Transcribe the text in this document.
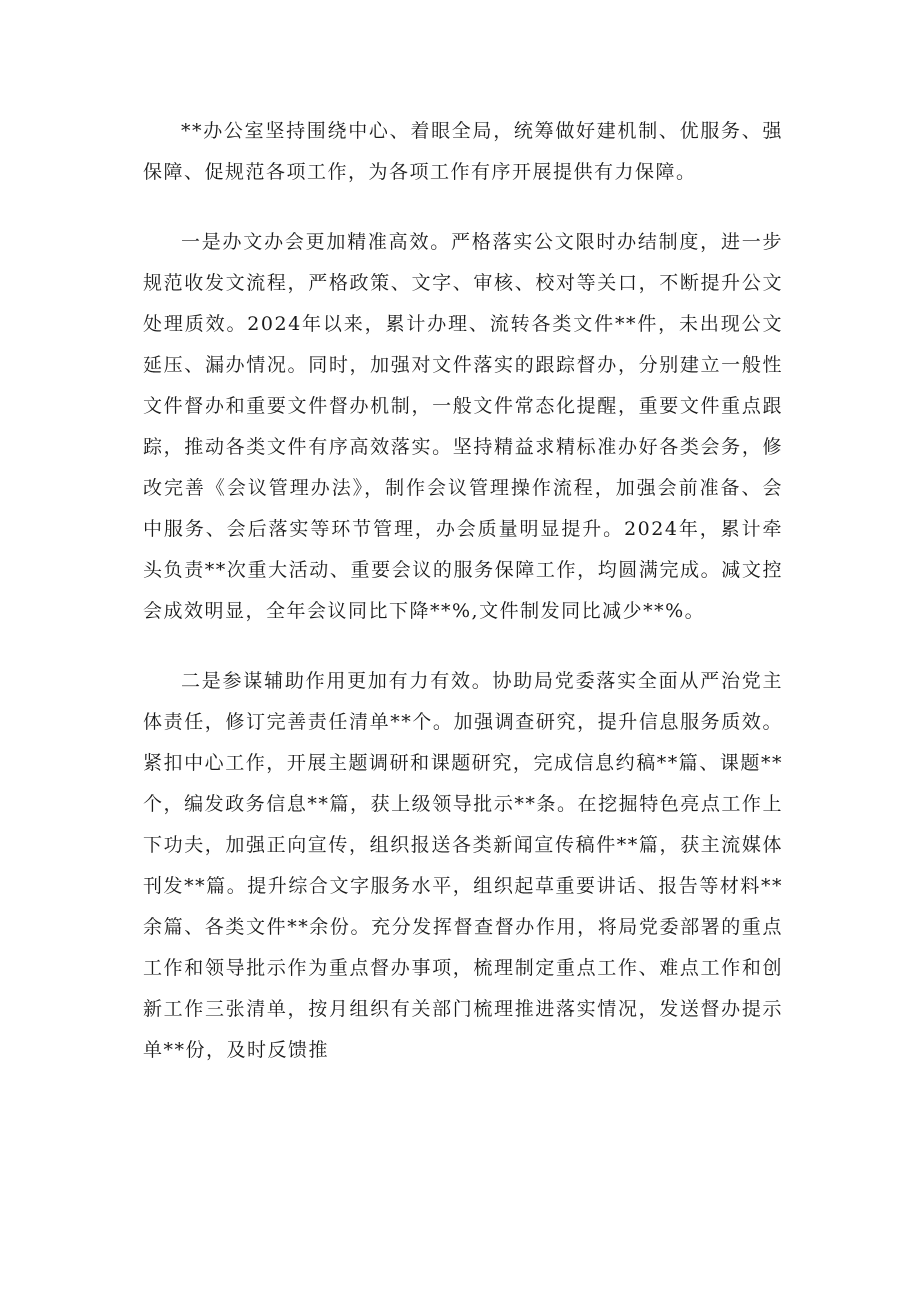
**办公室坚持围绕中心、着眼全局，统筹做好建机制、优服务、强保障、促规范各项工作，为各项工作有序开展提供有力保障。

一是办文办会更加精准高效。严格落实公文限时办结制度，进一步规范收发文流程，严格政策、文字、审核、校对等关口，不断提升公文处理质效。2024年以来，累计办理、流转各类文件**件，未出现公文延压、漏办情况。同时，加强对文件落实的跟踪督办，分别建立一般性文件督办和重要文件督办机制，一般文件常态化提醒，重要文件重点跟踪，推动各类文件有序高效落实。坚持精益求精标准办好各类会务，修改完善《会议管理办法》，制作会议管理操作流程，加强会前准备、会中服务、会后落实等环节管理，办会质量明显提升。2024年，累计牵头负责**次重大活动、重要会议的服务保障工作，均圆满完成。减文控会成效明显，全年会议同比下降**%,文件制发同比减少**%。

二是参谋辅助作用更加有力有效。协助局党委落实全面从严治党主体责任，修订完善责任清单**个。加强调查研究，提升信息服务质效。紧扣中心工作，开展主题调研和课题研究，完成信息约稿**篇、课题**个，编发政务信息**篇，获上级领导批示**条。在挖掘特色亮点工作上下功夫，加强正向宣传，组织报送各类新闻宣传稿件**篇，获主流媒体刊发**篇。提升综合文字服务水平，组织起草重要讲话、报告等材料**余篇、各类文件**余份。充分发挥督查督办作用，将局党委部署的重点工作和领导批示作为重点督办事项，梳理制定重点工作、难点工作和创新工作三张清单，按月组织有关部门梳理推进落实情况，发送督办提示单**份，及时反馈推
